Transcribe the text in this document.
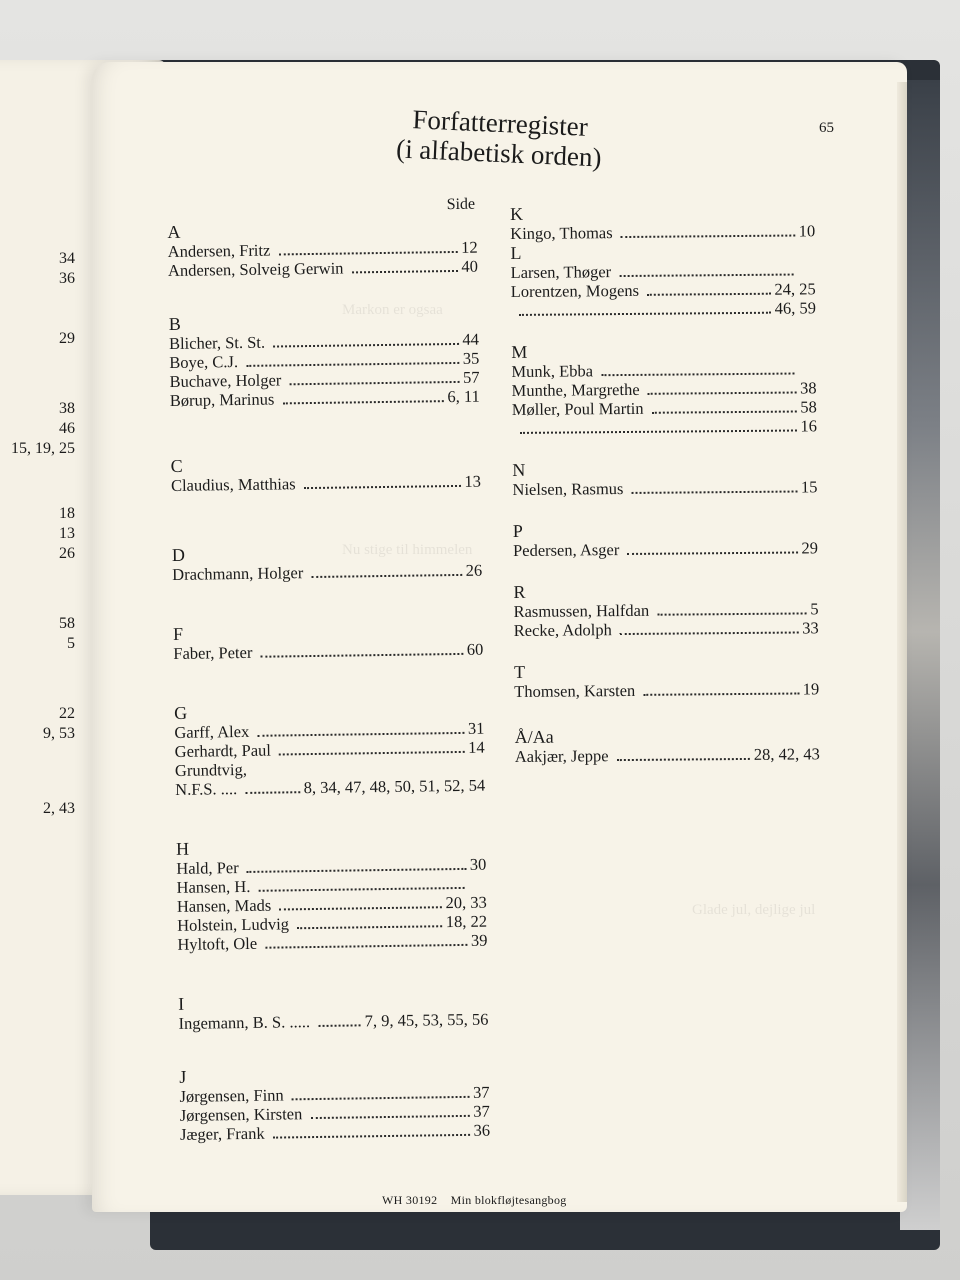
34
36
29
38
46
15, 19, 25
18
13
26
58
5
22
9, 53
2, 43
Markon er ogsaa
Nu stige til himmelen
Glade jul, dejlige jul
Forfatterregister
(i alfabetisk orden)
65
Side
A
Andersen, Fritz	12
Andersen, Solveig Gerwin	40
B
Blicher, St. St.	44
Boye, C.J.	35
Buchave, Holger	57
Børup, Marinus	6, 11
C
Claudius, Matthias	13
D
Drachmann, Holger	26
F
Faber, Peter	60
G
Garff, Alex	31
Gerhardt, Paul	14
Grundtvig,
N.F.S. ....	8, 34, 47, 48, 50, 51, 52, 54
H
Hald, Per	30
Hansen, H.
Hansen, Mads	20, 33
Holstein, Ludvig	18, 22
Hyltoft, Ole	39
I
Ingemann, B. S. .....	7, 9, 45, 53, 55, 56
J
Jørgensen, Finn	37
Jørgensen, Kirsten	37
Jæger, Frank	36
K
Kingo, Thomas	10
L
Larsen, Thøger
Lorentzen, Mogens	24, 25
46, 59
M
Munk, Ebba
Munthe, Margrethe	38
Møller, Poul Martin	58
16
N
Nielsen, Rasmus	15
P
Pedersen, Asger	29
R
Rasmussen, Halfdan	5
Recke, Adolph	33
T
Thomsen, Karsten	19
Å/Aa
Aakjær, Jeppe	28, 42, 43
WH 30192 Min blokfløjtesangbog
